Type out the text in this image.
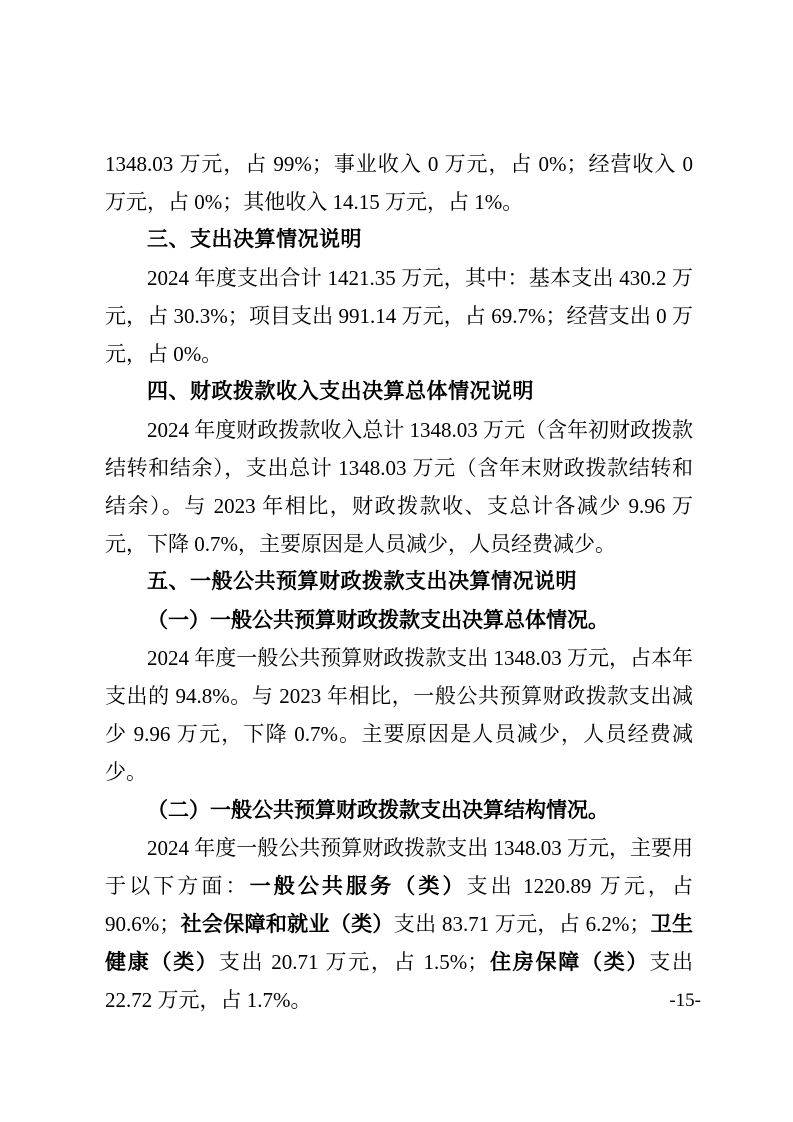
1348.03 万元，占 99%；事业收入 0 万元，占 0%；经营收入 0 万元，占 0%；其他收入 14.15 万元，占 1%。

三、支出决算情况说明

2024 年度支出合计 1421.35 万元，其中：基本支出 430.2 万元，占 30.3%；项目支出 991.14 万元，占 69.7%；经营支出 0 万元，占 0%。

四、财政拨款收入支出决算总体情况说明

2024 年度财政拨款收入总计 1348.03 万元（含年初财政拨款结转和结余），支出总计 1348.03 万元（含年末财政拨款结转和结余）。与 2023 年相比，财政拨款收、支总计各减少 9.96 万元，下降 0.7%，主要原因是人员减少，人员经费减少。

五、一般公共预算财政拨款支出决算情况说明
（一）一般公共预算财政拨款支出决算总体情况。

2024 年度一般公共预算财政拨款支出 1348.03 万元，占本年支出的 94.8%。与 2023 年相比，一般公共预算财政拨款支出减少 9.96 万元，下降 0.7%。主要原因是人员减少，人员经费减少。

（二）一般公共预算财政拨款支出决算结构情况。

2024 年度一般公共预算财政拨款支出 1348.03 万元，主要用于以下方面：一般公共服务（类）支出 1220.89 万元，占 90.6%；社会保障和就业（类）支出 83.71 万元，占 6.2%；卫生健康（类）支出 20.71 万元，占 1.5%；住房保障（类）支出 22.72 万元，占 1.7%。	-15-
